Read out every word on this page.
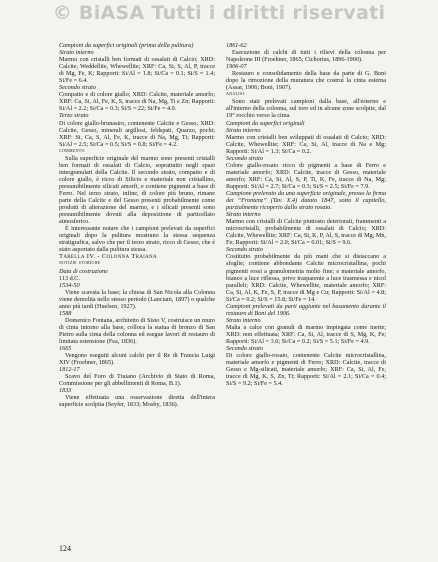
© BiASA Tutti i diritti riservati

Campioni da superfici originali (prima della pulitura)

Strato interno

Marmo con cristalli ben formati di ossalati di Calcio; XRD: Calcite, Weddellite, Whewellite; XRF: Ca, Si, S, Al, P, tracce di Mg, Fe, K; Rapporti: Si/Al = 1.8; Si/Ca = 0.1; Si/S = 1.4; Si/Fe = 6.4.

Secondo strato

Compatto e di colore giallo; XRD: Calcite, materiale amorfo; XRF: Ca, Si, Al, Fe, K, S, tracce di Na, Mg, Ti e Zn; Rapporti: Si/Al = 2.2; Si/Ca = 0.3; Si/S = 22; Si/Fe = 4.0.

Terzo strato

Di colore giallo-brunastro, contenente Calcite e Gesso; XRD: Calcite, Gesso, minerali argillosi, feldspati, Quarzo, pochi; XRF: Si, Ca, S, Al, Fe, K, tracce di Na, Mg, Ti; Rapporti: Si/Al = 2.5; Si/Ca = 0.5; Si/S = 0.8; Si/Fe = 4.2.

commento

Sulla superficie originale del marmo sono presenti cristalli ben formati di ossalati di Calcio, soprattutto negli spazi intergranulari della Calcite. Il secondo strato, compatto e di colore giallo, è ricco di Silicio e materiale non cristallino, presumibilmente silicati amorfi, e contiene pigmenti a base di Ferro. Nel terzo strato, infine, di colore più bruno, rimane parte della Calcite e del Gesso presenti probabilmente come prodotti di alterazione del marmo, e i silicati presenti sono presumibilmente dovuti alla deposizione di particellato atmosferico.

È interessante notare che i campioni prelevati da superfici originali dopo la pulitura mostrano la stessa sequenza stratigrafica, salvo che per il terzo strato, ricco di Gesso, che è stato asportato dalla pulitura stessa.

Tabella IV. - Colonna Traiana

notizie storiche

Data di costruzione

113 d.C.

1534-50

Viene scavata la base; la chiesa di San Nicola alla Colonna viene demolita nello stesso periodo (Lanciani, 1897) o qualche anno più tardi (Huelsen, 1927).

1588

Domenico Fontana, architetto di Sisto V, costruisce un muro di cinta intorno alla base, colloca la statua di bronzo di San Pietro sulla cima della colonna ed esegue lavori di restauro di limitata estensione (Fea, 1836).

1665

Vengono eseguiti alcuni calchi per il Re di Francia Luigi XIV (Froehner, 1865).

1812-17

Scavo del Foro di Traiano (Archivio di Stato di Roma, Commissione per gli abbellimenti di Roma, B.1).

1833

Viene effettuata una osservazione diretta dell'intera superficie scolpita (Seyfer, 1833; Mosby, 1836).

1861-62

Esecuzione di calchi di tutti i rilievi della colonna per Napoleone III (Froehner, 1865; Cichorius, 1896-1900).

1906-07

Restauro e consolidamento della base da parte di G. Boni dopo la rimozione della muratura che costruì la cinta esterna (Assar, 1906; Boni, 1907).

analisi

Sono stati prelevati campioni dalla base, all'esterno e all'interno della colonna, sul toro ed in alcune zone scolpite, dal 19° rocchio verso la cima.

Campioni da superfici originali

Strato interno

Marmo con cristalli ben sviluppati di ossalati di Calcio; XRD: Calcite, Whewellite; XRF: Ca, Si, Al, tracce di Na e Mg; Rapporti: Si/Al = 1.3; Si/Ca = 0.2.

Secondo strato

Colore giallo-rosato ricco di pigmenti a base di Ferro e materiale amorfo; XRD: Calcite, tracce di Gesso, materiale amorfo; XRF: Ca, Si, Al, S, P, Ti, K, Fe, tracce di Na, Mg; Rapporti: Si/Al = 2.7; Si/Ca = 0.3; Si/S = 2.5; Si/Fe = 7.9.

Campione prelevato da una superficie originale, presso la firma dei “Frontenz” (Tav. X.4) datato 1847, sotto il capitello, parzialmente ricoperto dallo strato rosato.

Strato interno

Marmo con cristalli di Calcite piuttosto deteriorati, frammenti a microcristalli, probabilmente di ossalati di Calcio; XRD: Calcite, Whewellite; XRF: Ca, Si, K, P, Al, S, tracce di Mg, Mn, Fe; Rapporti: Si/Al = 2.0; Si/Ca = 0.01; Si/S = 9.6.

Secondo strato

Costituito probabilmente da più mani che si distaccano a sfoglie; contiene abbondante Calcite microcristallina, pochi pigmenti rossi a granulometria molto fine; e materiale amorfo, bianco a luce riflessa, privo trasparente a luce trasmessa e nicol paralleli; XRD: Calcite, Whewellite, materiale amorfo; XRF: Ca, Si, Al, K, Fe, S, P, tracce di Mg e Cu; Rapporti: Si/Al = 4.8; Si/Ca = 0.2; Si/S = 15.8; Si/Fe = 14.

Campioni prelevati da parti aggiunte nel basamento durante il restauro di Boni del 1906.

Strato interno

Malta a calce con granuli di marmo impiegata come inerte; XRD: non effettuata; XRF: Ca, Si, Al, tracce di S, Mg, K, Fe; Rapporti: Si/Al = 3.0; Si/Ca = 0.2; Si/S = 5.1; Si/Fe = 4.9.

Secondo strato

Di colore giallo-rosato, contenente Calcite microcristallina, materiale amorfo e pigmenti di Ferro; XRD: Calcite, tracce di Gesso e Mg-silicati, materiale amorfo; XRF: Ca, Si, Al, Fe, tracce di Mg, K, S, Zn, Ti; Rapporti: Si/Al = 2.1; Si/Ca = 0.4; Si/S = 9.2; Si/Fe = 5.4.

124
